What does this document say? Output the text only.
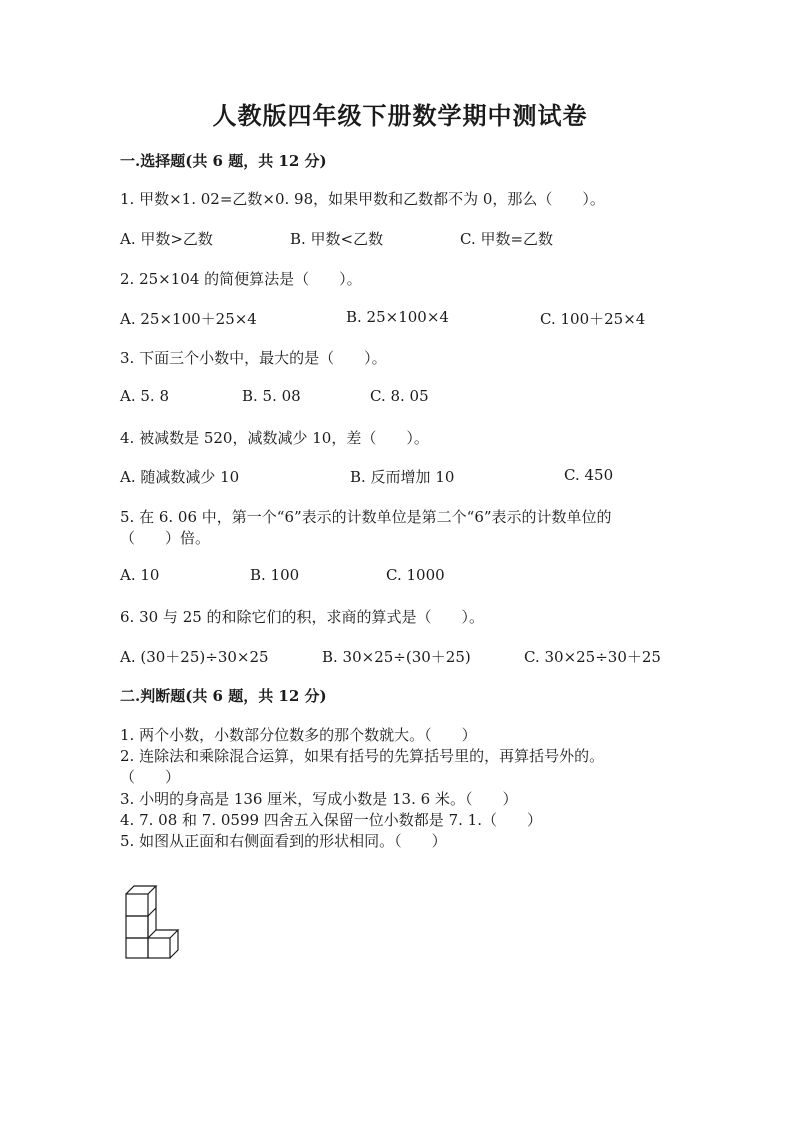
人教版四年级下册数学期中测试卷
一.选择题(共 6 题，共 12 分)
1. 甲数×1. 02=乙数×0. 98，如果甲数和乙数都不为 0，那么（　　）。
A. 甲数>乙数	B. 甲数<乙数	C. 甲数=乙数
2. 25×104 的简便算法是（　　）。
A. 25×100＋25×4	B. 25×100×4	C. 100＋25×4
3. 下面三个小数中，最大的是（　　）。
A. 5. 8	B. 5. 08	C. 8. 05
4. 被减数是 520，减数减少 10，差（　　）。
A. 随减数减少 10	B. 反而增加 10	C. 450
5. 在 6. 06 中，第一个“6”表示的计数单位是第二个“6”表示的计数单位的
（　　）倍。
A. 10	B. 100	C. 1000
6. 30 与 25 的和除它们的积，求商的算式是（　　）。
A. (30＋25)÷30×25	B. 30×25÷(30＋25)	C. 30×25÷30＋25
二.判断题(共 6 题，共 12 分)
1. 两个小数，小数部分位数多的那个数就大。（　　）
2. 连除法和乘除混合运算，如果有括号的先算括号里的，再算括号外的。
（　　）
3. 小明的身高是 136 厘米，写成小数是 13. 6 米。（　　）
4. 7. 08 和 7. 0599 四舍五入保留一位小数都是 7. 1.（　　）
5. 如图从正面和右侧面看到的形状相同。（　　）
